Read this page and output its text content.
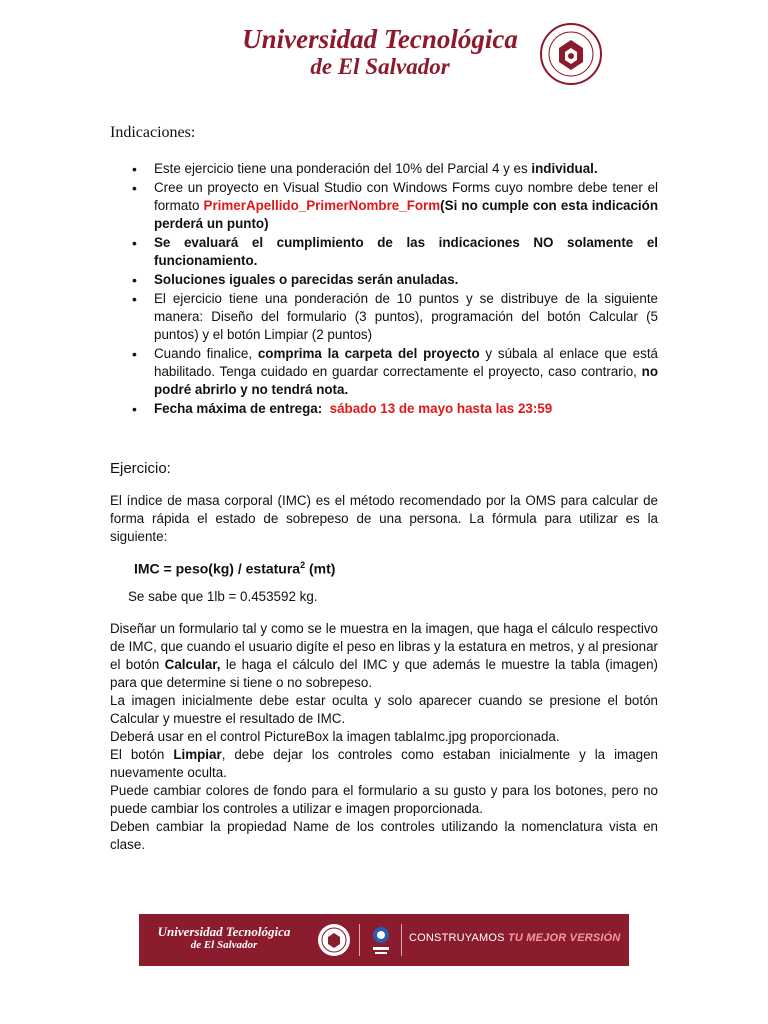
Universidad Tecnológica
de El Salvador
Indicaciones:
• Este ejercicio tiene una ponderación del 10% del Parcial 4 y es individual.
• Cree un proyecto en Visual Studio con Windows Forms cuyo nombre debe tener el formato PrimerApellido_PrimerNombre_Form(Si no cumple con esta indicación perderá un punto)
• Se evaluará el cumplimiento de las indicaciones NO solamente el funcionamiento.
• Soluciones iguales o parecidas serán anuladas.
• El ejercicio tiene una ponderación de 10 puntos y se distribuye de la siguiente manera: Diseño del formulario (3 puntos), programación del botón Calcular (5 puntos) y el botón Limpiar (2 puntos)
• Cuando finalice, comprima la carpeta del proyecto y súbala al enlace que está habilitado. Tenga cuidado en guardar correctamente el proyecto, caso contrario, no podré abrirlo y no tendrá nota.
• Fecha máxima de entrega: sábado 13 de mayo hasta las 23:59
Ejercicio:

El índice de masa corporal (IMC) es el método recomendado por la OMS para calcular de forma rápida el estado de sobrepeso de una persona. La fórmula para utilizar es la siguiente:

IMC = peso(kg) / estatura$^2$ (mt)
Se sabe que 1lb = 0.453592 kg.

Diseñar un formulario tal y como se le muestra en la imagen, que haga el cálculo respectivo de IMC, que cuando el usuario digíte el peso en libras y la estatura en metros, y al presionar el botón Calcular, le haga el cálculo del IMC y que además le muestre la tabla (imagen) para que determine si tiene o no sobrepeso.

La imagen inicialmente debe estar oculta y solo aparecer cuando se presione el botón Calcular y muestre el resultado de IMC.

Deberá usar en el control PictureBox la imagen tablaImc.jpg proporcionada.

El botón Limpiar, debe dejar los controles como estaban inicialmente y la imagen nuevamente oculta.

Puede cambiar colores de fondo para el formulario a su gusto y para los botones, pero no puede cambiar los controles a utilizar e imagen proporcionada.

Deben cambiar la propiedad Name de los controles utilizando la nomenclatura vista en clase.

Universidad Tecnológica
de El Salvador
CONSTRUYAMOS TU MEJOR VERSIÓN
